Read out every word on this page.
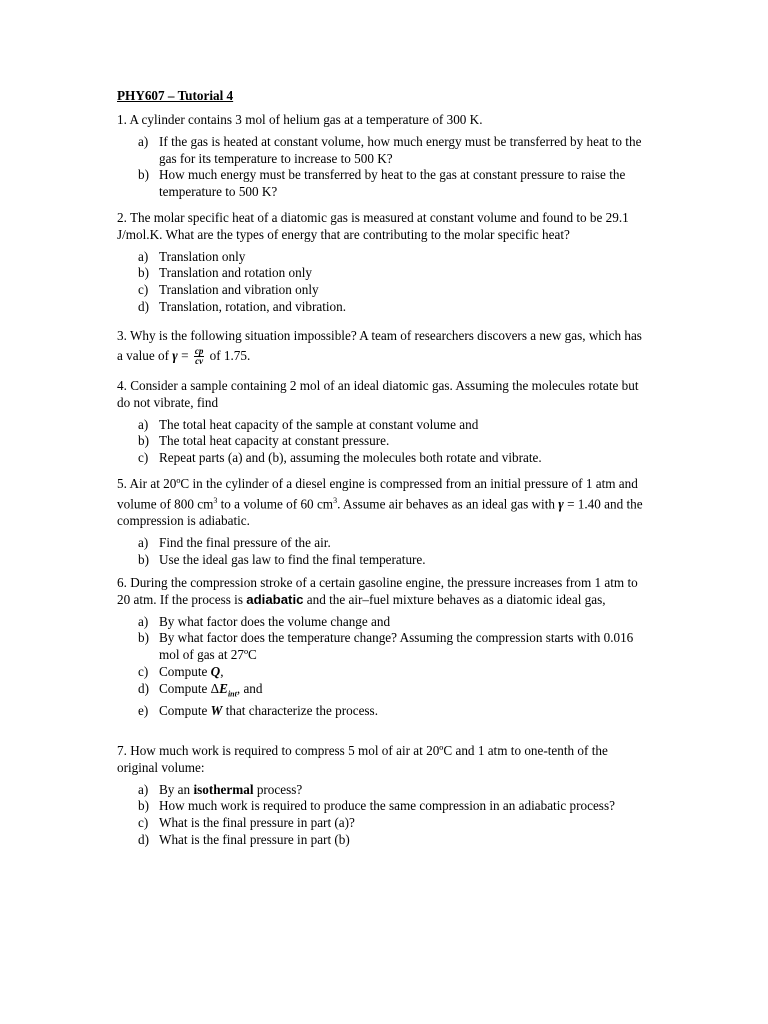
PHY607 – Tutorial 4
1. A cylinder contains 3 mol of helium gas at a temperature of 300 K.
a) If the gas is heated at constant volume, how much energy must be transferred by heat to the gas for its temperature to increase to 500 K?
b) How much energy must be transferred by heat to the gas at constant pressure to raise the temperature to 500 K?
2. The molar specific heat of a diatomic gas is measured at constant volume and found to be 29.1 J/mol.K. What are the types of energy that are contributing to the molar specific heat?
a) Translation only
b) Translation and rotation only
c) Translation and vibration only
d) Translation, rotation, and vibration.
3. Why is the following situation impossible? A team of researchers discovers a new gas, which has a value of $\gamma = \frac{cp}{cv}$ of 1.75.
4. Consider a sample containing 2 mol of an ideal diatomic gas. Assuming the molecules rotate but do not vibrate, find
a) The total heat capacity of the sample at constant volume and
b) The total heat capacity at constant pressure.
c) Repeat parts (a) and (b), assuming the molecules both rotate and vibrate.
5. Air at 20ºC in the cylinder of a diesel engine is compressed from an initial pressure of 1 atm and volume of 800 $cm^3$ to a volume of 60 $cm^3$. Assume air behaves as an ideal gas with γ = 1.40 and the compression is adiabatic.
a) Find the final pressure of the air.
b) Use the ideal gas law to find the final temperature.
6. During the compression stroke of a certain gasoline engine, the pressure increases from 1 atm to 20 atm. If the process is adiabatic and the air–fuel mixture behaves as a diatomic ideal gas,
a) By what factor does the volume change and
b) By what factor does the temperature change? Assuming the compression starts with 0.016 mol of gas at 27ºC
c) Compute Q,
d) Compute $\Delta E_{int}$, and
e) Compute W that characterize the process.
7. How much work is required to compress 5 mol of air at 20ºC and 1 atm to one-tenth of the original volume:
a) By an isothermal process?
b) How much work is required to produce the same compression in an adiabatic process?
c) What is the final pressure in part (a)?
d) What is the final pressure in part (b)
